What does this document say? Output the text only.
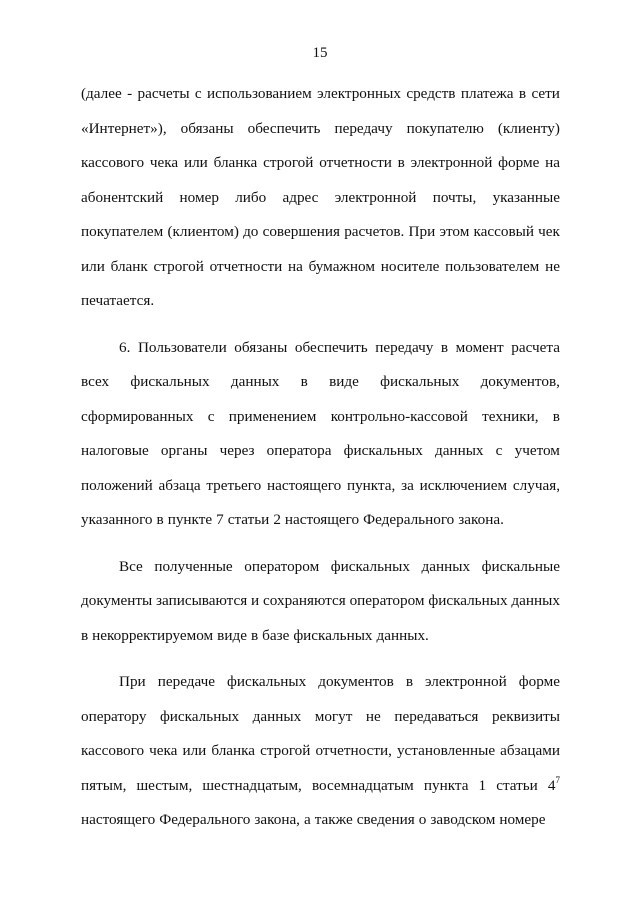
15
(далее - расчеты с использованием электронных средств платежа в сети
«Интернет»), обязаны обеспечить передачу покупателю (клиенту)
кассового чека или бланка строгой отчетности в электронной форме на
абонентский номер либо адрес электронной почты, указанные
покупателем (клиентом) до совершения расчетов. При этом кассовый чек
или бланк строгой отчетности на бумажном носителе пользователем не
печатается.
6. Пользователи обязаны обеспечить передачу в момент расчета
всех фискальных данных в виде фискальных документов,
сформированных с применением контрольно-кассовой техники, в
налоговые органы через оператора фискальных данных с учетом
положений абзаца третьего настоящего пункта, за исключением случая,
указанного в пункте 7 статьи 2 настоящего Федерального закона.
Все полученные оператором фискальных данных фискальные
документы записываются и сохраняются оператором фискальных данных
в некорректируемом виде в базе фискальных данных.
При передаче фискальных документов в электронной форме
оператору фискальных данных могут не передаваться реквизиты
кассового чека или бланка строгой отчетности, установленные абзацами
пятым, шестым, шестнадцатым, восемнадцатым пункта 1 статьи $4^7$
настоящего Федерального закона, а также сведения о заводском номере
